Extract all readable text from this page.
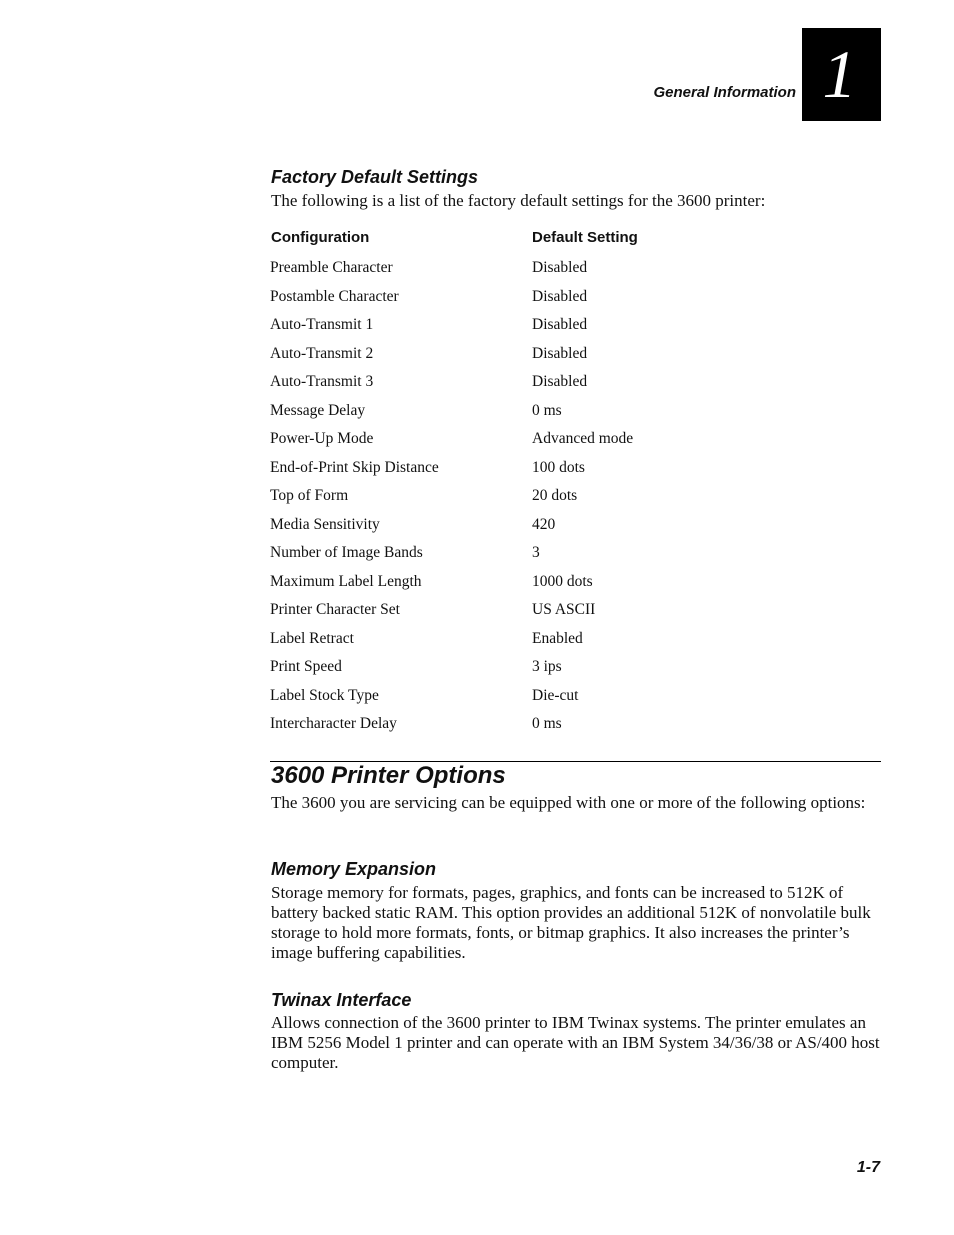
General Information 1
Factory Default Settings

The following is a list of the factory default settings for the 3600 printer:

Configuration	Default Setting
Preamble Character	Disabled
Postamble Character	Disabled
Auto-Transmit 1	Disabled
Auto-Transmit 2	Disabled
Auto-Transmit 3	Disabled
Message Delay	0 ms
Power-Up Mode	Advanced mode
End-of-Print Skip Distance	100 dots
Top of Form	20 dots
Media Sensitivity	420
Number of Image Bands	3
Maximum Label Length	1000 dots
Printer Character Set	US ASCII
Label Retract	Enabled
Print Speed	3 ips
Label Stock Type	Die-cut
Intercharacter Delay	0 ms
3600 Printer Options

The 3600 you are servicing can be equipped with one or more of the following options:

Memory Expansion

Storage memory for formats, pages, graphics, and fonts can be increased to 512K of battery backed static RAM. This option provides an additional 512K of nonvolatile bulk storage to hold more formats, fonts, or bitmap graphics. It also increases the printer’s image buffering capabilities.

Twinax Interface

Allows connection of the 3600 printer to IBM Twinax systems. The printer emulates an IBM 5256 Model 1 printer and can operate with an IBM System 34/36/38 or AS/400 host computer.

1-7
